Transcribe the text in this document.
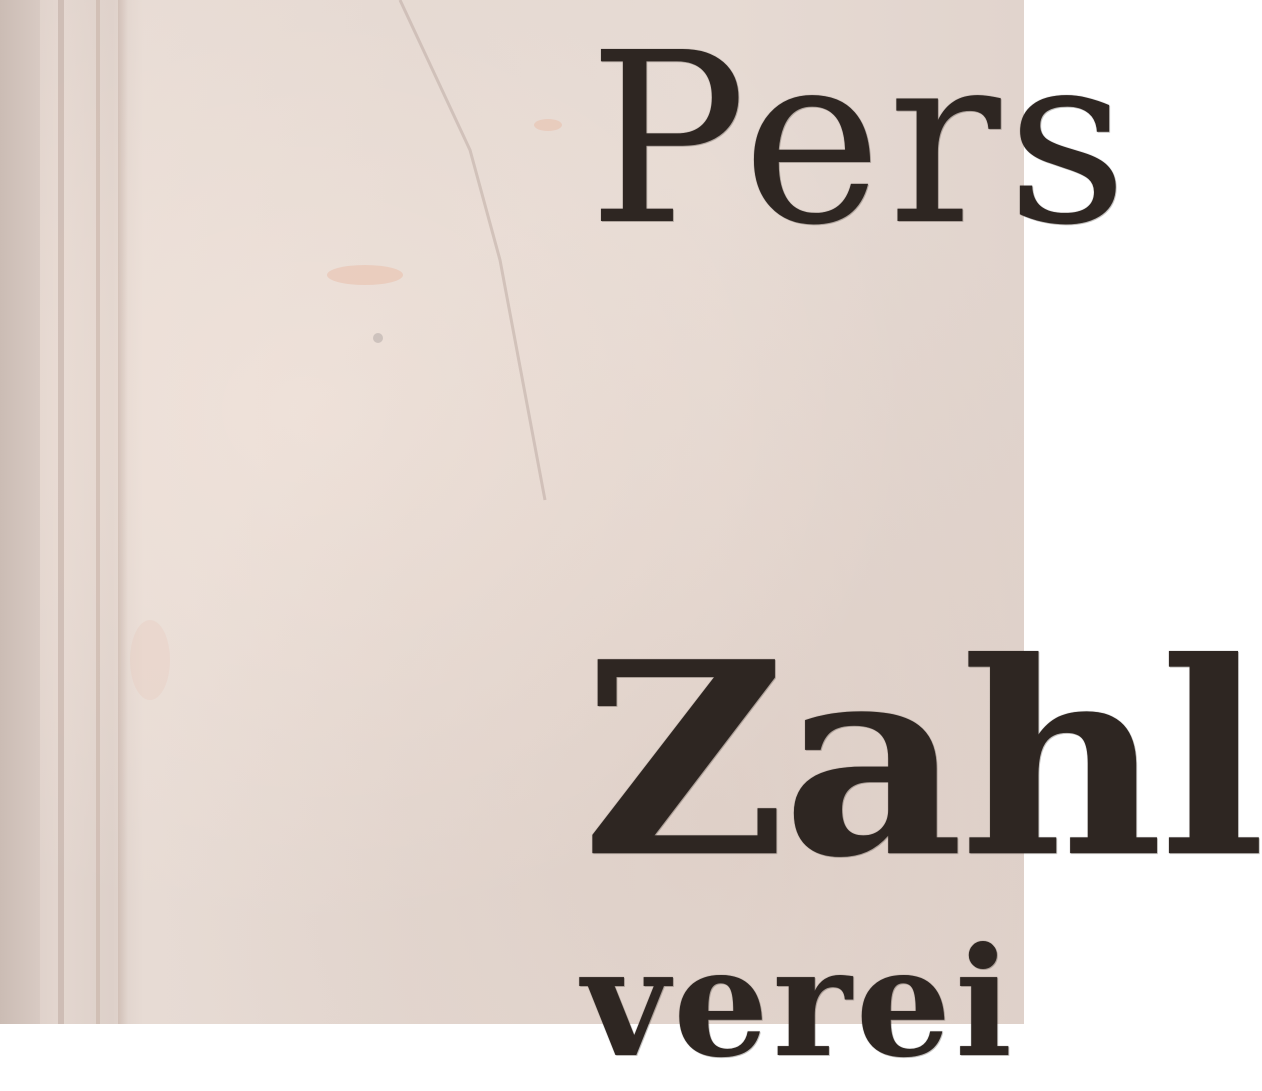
Pers
Zahl
verei
